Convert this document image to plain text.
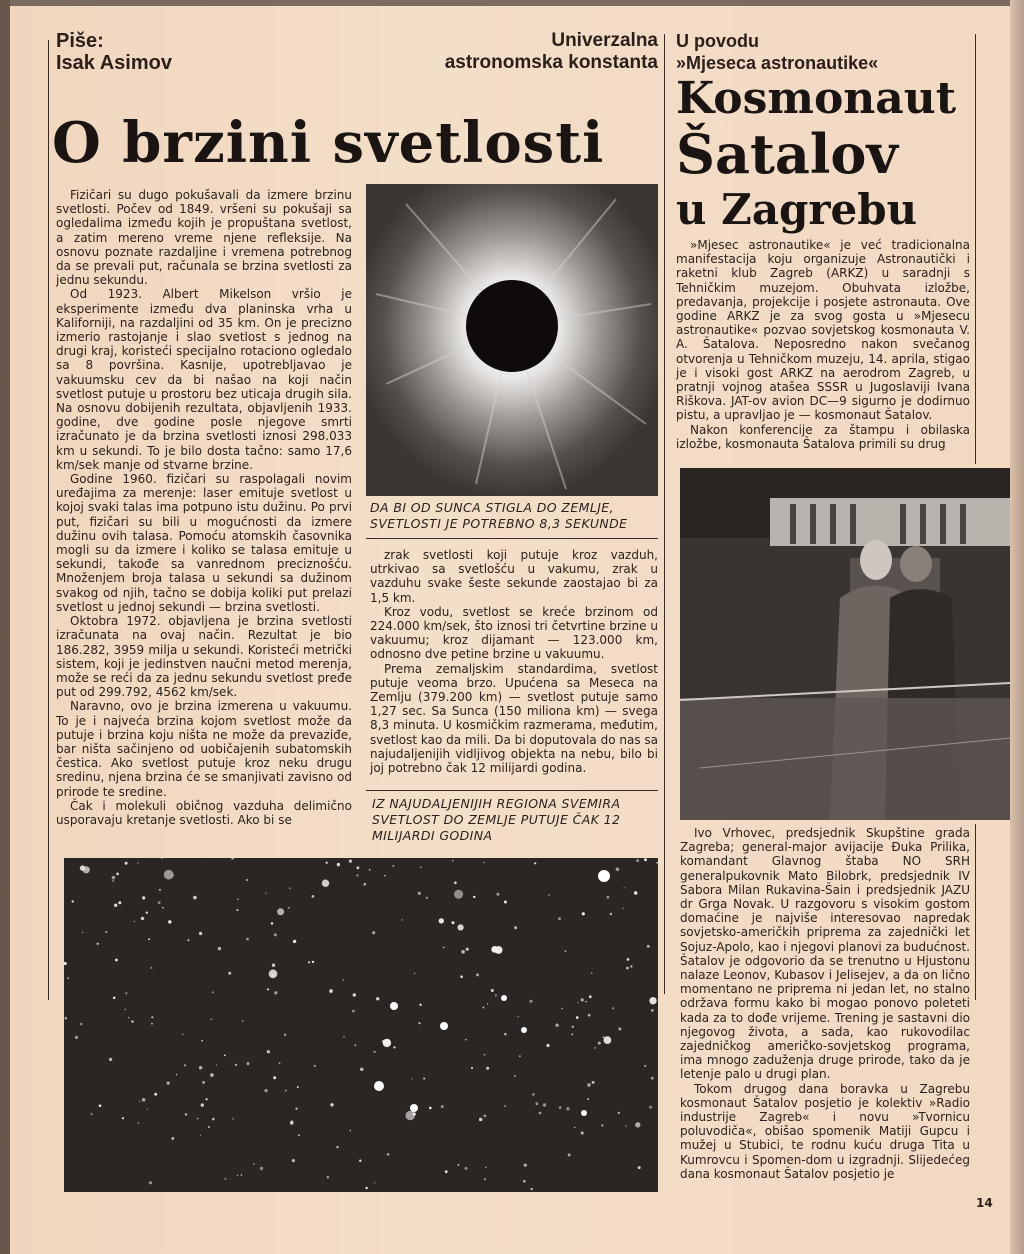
Piše:
Isak Asimov
Univerzalna
astronomska konstanta
O brzini svetlosti
U povodu
»Mjeseca astronautike«
Kosmonaut
Šatalov
u Zagrebu

Fizičari su dugo pokušavali da izmere brzinu svetlosti. Počev od 1849. vršeni su pokušaji sa ogledalima između kojih je propuštana svetlost, a zatim mereno vreme njene refleksije. Na osnovu poznate razdaljine i vremena potrebnog da se prevali put, računala se brzina svetlosti za jednu sekundu.

Od 1923. Albert Mikelson vršio je eksperimente između dva planinska vrha u Kaliforniji, na razdaljini od 35 km. On je precizno izmerio rastojanje i slao svetlost s jednog na drugi kraj, koristeći specijalno rotaciono ogledalo sa 8 površina. Kasnije, upotrebljavao je vakuumsku cev da bi našao na koji način svetlost putuje u prostoru bez uticaja drugih sila. Na osnovu dobijenih rezultata, objavljenih 1933. godine, dve godine posle njegove smrti izračunato je da brzina svetlosti iznosi 298.033 km u sekundi. To je bilo dosta tačno: samo 17,6 km/sek manje od stvarne brzine.

Godine 1960. fizičari su raspolagali novim uređajima za merenje: laser emituje svetlost u kojoj svaki talas ima potpuno istu dužinu. Po prvi put, fizičari su bili u mogućnosti da izmere dužinu ovih talasa. Pomoću atomskih časovnika mogli su da izmere i koliko se talasa emituje u sekundi, takođe sa vanrednom preciznošću. Množenjem broja talasa u sekundi sa dužinom svakog od njih, tačno se dobija koliki put prelazi svetlost u jednoj sekundi — brzina svetlosti.

Oktobra 1972. objavljena je brzina svetlosti izračunata na ovaj način. Rezultat je bio 186.282, 3959 milja u sekundi. Koristeći metrički sistem, koji je jedinstven naučni metod merenja, može se reći da za jednu sekundu svetlost pređe put od 299.792, 4562 km/sek.

Naravno, ovo je brzina izmerena u vakuumu. To je i najveća brzina kojom svetlost može da putuje i brzina koju ništa ne može da prevaziđe, bar ništa sačinjeno od uobičajenih subatomskih čestica. Ako svetlost putuje kroz neku drugu sredinu, njena brzina će se smanjivati zavisno od prirode te sredine.

Čak i molekuli običnog vazduha delimično usporavaju kretanje svetlosti. Ako bi se

DA BI OD SUNCA STIGLA DO ZEMLJE, SVETLOSTI JE POTREBNO 8,3 SEKUNDE

zrak svetlosti koji putuje kroz vazduh, utrkivao sa svetlošću u vakumu, zrak u vazduhu svake šeste sekunde zaostajao bi za 1,5 km.

Kroz vodu, svetlost se kreće brzinom od 224.000 km/sek, što iznosi tri četvrtine brzine u vakuumu; kroz dijamant — 123.000 km, odnosno dve petine brzine u vakuumu.

Prema zemaljskim standardima, svetlost putuje veoma brzo. Upućena sa Meseca na Zemlju (379.200 km) — svetlost putuje samo 1,27 sec. Sa Sunca (150 miliona km) — svega 8,3 minuta. U kosmičkim razmerama, međutim, svetlost kao da mili. Da bi doputovala do nas sa najudaljenijih vidljivog objekta na nebu, bilo bi joj potrebno čak 12 milijardi godina.

IZ NAJUDALJENIJIH REGIONA SVEMIRA SVETLOST DO ZEMLJE PUTUJE ČAK 12 MILIJARDI GODINA

»Mjesec astronautike« je već tradicionalna manifestacija koju organizuje Astronautički i raketni klub Zagreb (ARKZ) u saradnji s Tehničkim muzejom. Obuhvata izložbe, predavanja, projekcije i posjete astronauta. Ove godine ARKZ je za svog gosta u »Mjesecu astronautike« pozvao sovjetskog kosmonauta V. A. Šatalova. Neposredno nakon svečanog otvorenja u Tehničkom muzeju, 14. aprila, stigao je i visoki gost ARKZ na aerodrom Zagreb, u pratnji vojnog atašea SSSR u Jugoslaviji Ivana Riškova. JAT-ov avion DC—9 sigurno je dodirnuo pistu, a upravljao je — kosmonaut Šatalov.

Nakon konferencije za štampu i obilaska izložbe, kosmonauta Šatalova primili su drug

Ivo Vrhovec, predsjednik Skupštine grada Zagreba; general-major avijacije Đuka Prilika, komandant Glavnog štaba NO SRH generalpukovnik Mato Bilobrk, predsjednik IV Sabora Milan Rukavina-Šain i predsjednik JAZU dr Grga Novak. U razgovoru s visokim gostom domaćine je najviše interesovao napredak sovjetsko-američkih priprema za zajednički let Sojuz-Apolo, kao i njegovi planovi za budućnost. Šatalov je odgovorio da se trenutno u Hjustonu nalaze Leonov, Kubasov i Jelisejev, a da on lično momentano ne priprema ni jedan let, no stalno održava formu kako bi mogao ponovo poleteti kada za to dođe vrijeme. Trening je sastavni dio njegovog života, a sada, kao rukovodilac zajedničkog američko-sovjetskog programa, ima mnogo zaduženja druge prirode, tako da je letenje palo u drugi plan.

Tokom drugog dana boravka u Zagrebu kosmonaut Šatalov posjetio je kolektiv »Radio industrije Zagreb« i novu »Tvornicu poluvodiča«, obišao spomenik Matiji Gupcu i mužej u Stubici, te rodnu kuću druga Tita u Kumrovcu i Spomen-dom u izgradnji. Slijedećeg dana kosmonaut Šatalov posjetio je

14
